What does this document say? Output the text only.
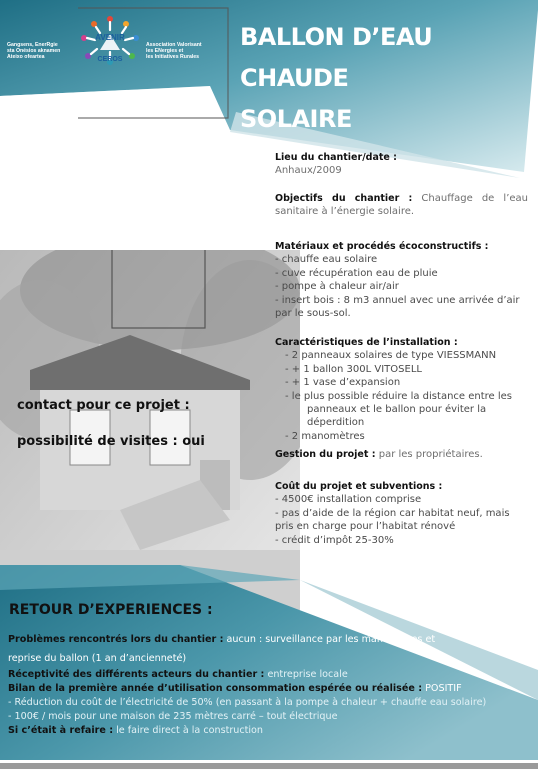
Gangsens, EnerRgie
sta Onésios aknamen
Ateixo ofeartea
AVENIR
CEROS
Association Valorisant
les ENergies et
les Initiatives Rurales
BALLON D’EAU CHAUDE
SOLAIRE
Lieu du chantier/date :
Anhaux/2009
Objectifs du chantier : Chauffage de l’eau sanitaire à l’énergie solaire.
Matériaux et procédés écoconstructifs :
- chauffe eau solaire
- cuve récupération eau de pluie
- pompe à chaleur air/air
- insert bois : 8 m3 annuel avec une arrivée d’air par le sous-sol.
Caractéristiques de l’installation :
- 2 panneaux solaires de type VIESSMANN
- + 1 ballon 300L VITOSELL
- + 1 vase d’expansion
- le plus possible réduire la distance entre les panneaux et le ballon pour éviter la déperdition
- 2 manomètres
Gestion du projet : par les propriétaires.
Coût du projet et subventions :
- 4500€ installation comprise
- pas d’aide de la région car habitat neuf, mais pris en charge pour l’habitat rénové
- crédit d’impôt 25-30%
contact pour ce projet :
possibilité de visites : oui
RETOUR D’EXPERIENCES :
Problèmes rencontrés lors du chantier : aucun : surveillance par les manomètres et
reprise du ballon (1 an d’ancienneté)
Réceptivité des différents acteurs du chantier : entreprise locale
Bilan de la première année d’utilisation consommation espérée ou réalisée : POSITIF
- Réduction du coût de l’électricité de 50% (en passant à la pompe à chaleur + chauffe eau solaire)
- 100€ / mois pour une maison de 235 mètres carré – tout électrique
Si c’était à refaire : le faire direct à la construction
